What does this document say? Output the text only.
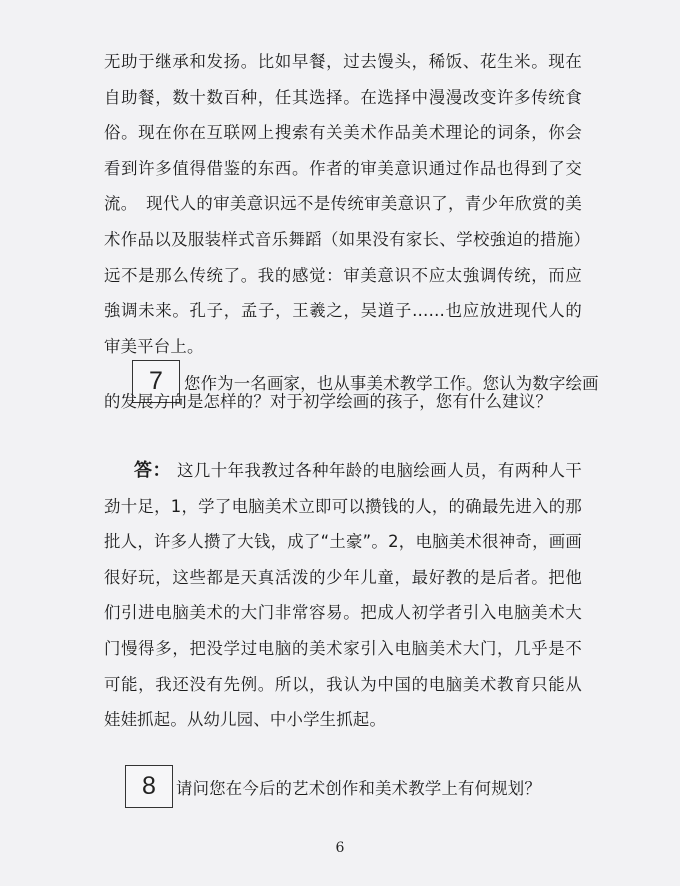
无助于继承和发扬。比如早餐，过去馒头，稀饭、花生米。现在自助餐，数十数百种，任其选择。在选择中漫漫改变许多传统食俗。现在你在互联网上搜索有关美术作品美术理论的词条，你会看到许多值得借鉴的东西。作者的审美意识通过作品也得到了交流。　现代人的审美意识远不是传统审美意识了，青少年欣赏的美术作品以及服装样式音乐舞蹈（如果没有家长、学校強迫的措施）远不是那么传统了。我的感觉：审美意识不应太強调传统，而应強调未来。孔子，孟子，王羲之，吴道子……也应放进现代人的审美平台上。

7	您作为一名画家，也从事美术教学工作。您认为数字绘画

的发展方向是怎样的？对于初学绘画的孩子，您有什么建议？

答： 这几十年我教过各种年龄的电脑绘画人员，有两种人干劲十足，1，学了电脑美术立即可以攒钱的人，的确最先进入的那批人，许多人攒了大钱，成了“土豪”。2，电脑美术很神奇，画画很好玩，这些都是天真活泼的少年儿童，最好教的是后者。把他们引进电脑美术的大门非常容易。把成人初学者引入电脑美术大门慢得多，把没学过电脑的美术家引入电脑美术大门，几乎是不可能，我还没有先例。所以，我认为中国的电脑美术教育只能从娃娃抓起。从幼儿园、中小学生抓起。

8	请问您在今后的艺术创作和美术教学上有何规划？
6
